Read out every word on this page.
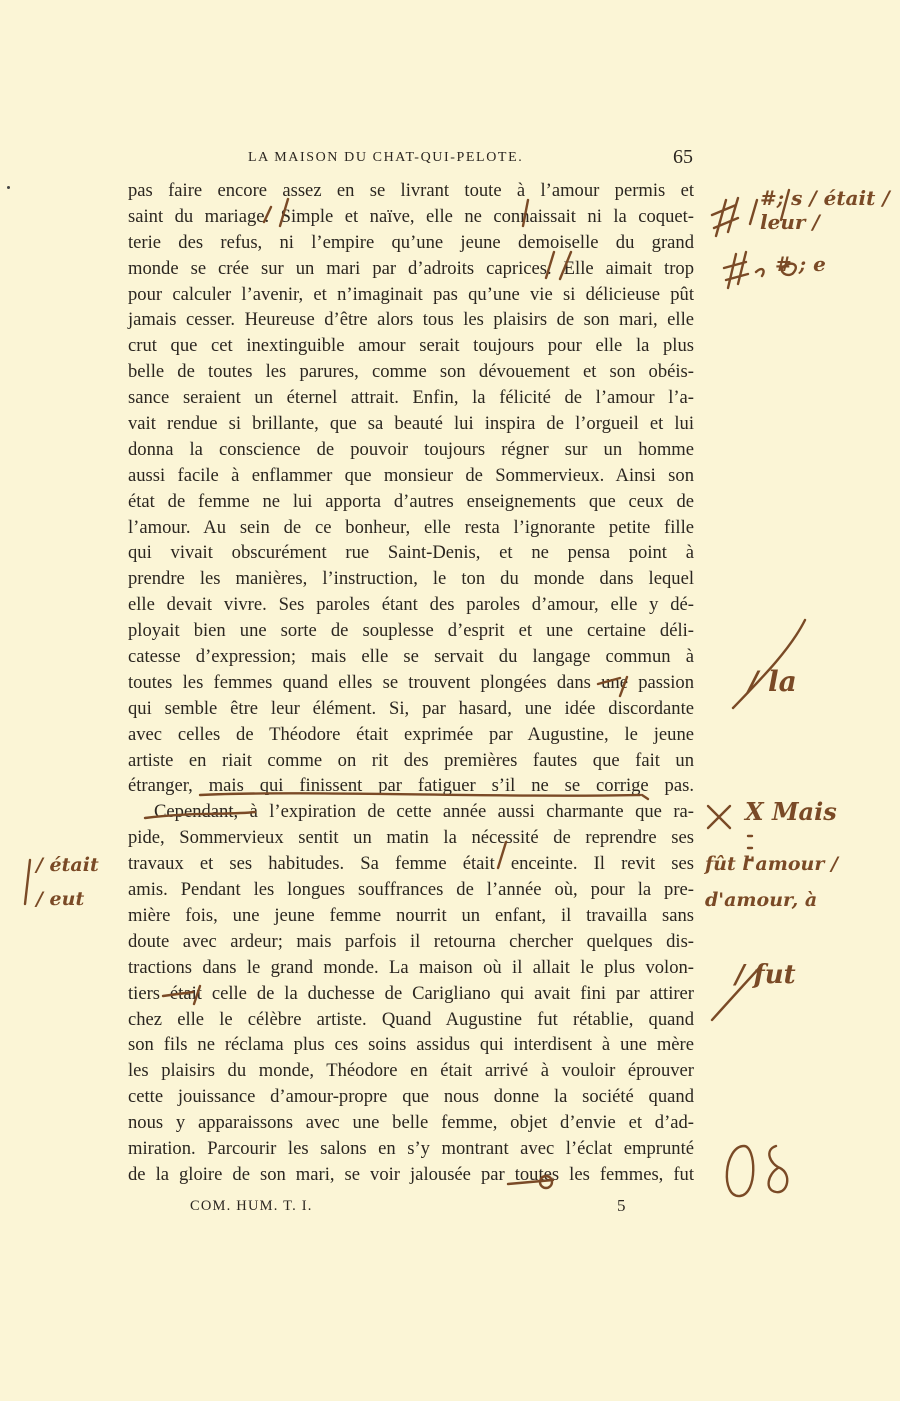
LA MAISON DU CHAT-QUI-PELOTE.	65
pas faire encore assez en se livrant toute à l’amour permis et
saint du mariage. Simple et naïve, elle ne connaissait ni la coquet-
terie des refus, ni l’empire qu’une jeune demoiselle du grand
monde se crée sur un mari par d’adroits caprices. Elle aimait trop
pour calculer l’avenir, et n’imaginait pas qu’une vie si délicieuse pût
jamais cesser. Heureuse d’être alors tous les plaisirs de son mari, elle
crut que cet inextinguible amour serait toujours pour elle la plus
belle de toutes les parures, comme son dévouement et son obéis-
sance seraient un éternel attrait. Enfin, la félicité de l’amour l’a-
vait rendue si brillante, que sa beauté lui inspira de l’orgueil et lui
donna la conscience de pouvoir toujours régner sur un homme
aussi facile à enflammer que monsieur de Sommervieux. Ainsi son
état de femme ne lui apporta d’autres enseignements que ceux de
l’amour. Au sein de ce bonheur, elle resta l’ignorante petite fille
qui vivait obscurément rue Saint-Denis, et ne pensa point à
prendre les manières, l’instruction, le ton du monde dans lequel
elle devait vivre. Ses paroles étant des paroles d’amour, elle y dé-
ployait bien une sorte de souplesse d’esprit et une certaine déli-
catesse d’expression; mais elle se servait du langage commun à
toutes les femmes quand elles se trouvent plongées dans une passion
qui semble être leur élément. Si, par hasard, une idée discordante
avec celles de Théodore était exprimée par Augustine, le jeune
artiste en riait comme on rit des premières fautes que fait un
étranger, mais qui finissent par fatiguer s’il ne se corrige pas.
Cependant, à l’expiration de cette année aussi charmante que ra-
pide, Sommervieux sentit un matin la nécessité de reprendre ses
travaux et ses habitudes. Sa femme était enceinte. Il revit ses
amis. Pendant les longues souffrances de l’année où, pour la pre-
mière fois, une jeune femme nourrit un enfant, il travailla sans
doute avec ardeur; mais parfois il retourna chercher quelques dis-
tractions dans le grand monde. La maison où il allait le plus volon-
tiers était celle de la duchesse de Carigliano qui avait fini par attirer
chez elle le célèbre artiste. Quand Augustine fut rétablie, quand
son fils ne réclama plus ces soins assidus qui interdisent à une mère
les plaisirs du monde, Théodore en était arrivé à vouloir éprouver
cette jouissance d’amour-propre que nous donne la société quand
nous y apparaissons avec une belle femme, objet d’envie et d’ad-
miration. Parcourir les salons en s’y montrant avec l’éclat emprunté
de la gloire de son mari, se voir jalousée par toutes les femmes, fut
COM. HUM. T. I.	5
#; s / était / leur /
# ; e
/ la
X Mais
fût l'amour / d'amour, à
/ était / eut
/ fut
